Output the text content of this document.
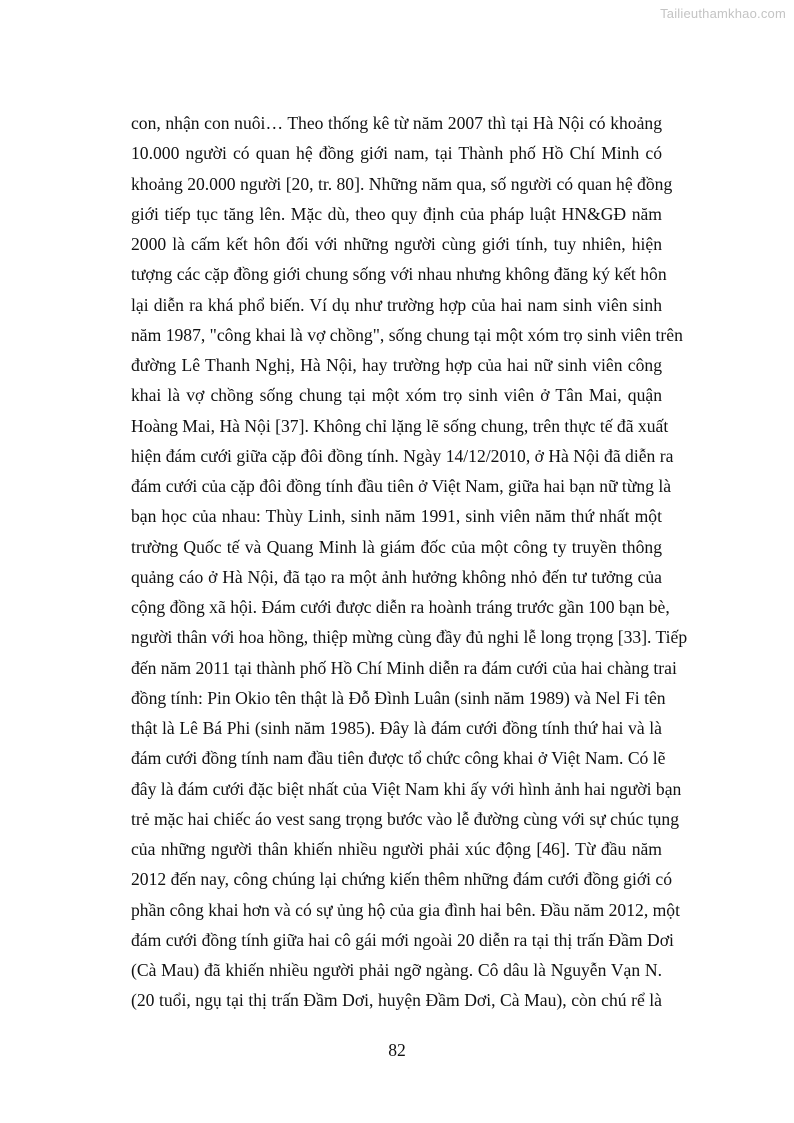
Tailieuthamkhao.com
con, nhận con nuôi… Theo thống kê từ năm 2007 thì tại Hà Nội có khoảng
10.000 người có quan hệ đồng giới nam, tại Thành phố Hồ Chí Minh có
khoảng 20.000 người [20, tr. 80]. Những năm qua, số người có quan hệ đồng
giới tiếp tục tăng lên. Mặc dù, theo quy định của pháp luật HN&GĐ năm
2000 là cấm kết hôn đối với những người cùng giới tính, tuy nhiên, hiện
tượng các cặp đồng giới chung sống với nhau nhưng không đăng ký kết hôn
lại diễn ra khá phổ biến. Ví dụ như trường hợp của hai nam sinh viên sinh
năm 1987, "công khai là vợ chồng", sống chung tại một xóm trọ sinh viên trên
đường Lê Thanh Nghị, Hà Nội, hay trường hợp của hai nữ sinh viên công
khai là vợ chồng sống chung tại một xóm trọ sinh viên ở Tân Mai, quận
Hoàng Mai, Hà Nội [37]. Không chỉ lặng lẽ sống chung, trên thực tế đã xuất
hiện đám cưới giữa cặp đôi đồng tính. Ngày 14/12/2010, ở Hà Nội đã diễn ra
đám cưới của cặp đôi đồng tính đầu tiên ở Việt Nam, giữa hai bạn nữ từng là
bạn học của nhau: Thùy Linh, sinh năm 1991, sinh viên năm thứ nhất một
trường Quốc tế và Quang Minh là giám đốc của một công ty truyền thông
quảng cáo ở Hà Nội, đã tạo ra một ảnh hưởng không nhỏ đến tư tưởng của
cộng đồng xã hội. Đám cưới được diễn ra hoành tráng trước gần 100 bạn bè,
người thân với hoa hồng, thiệp mừng cùng đầy đủ nghi lễ long trọng [33]. Tiếp
đến năm 2011 tại thành phố Hồ Chí Minh diễn ra đám cưới của hai chàng trai
đồng tính: Pin Okio tên thật là Đỗ Đình Luân (sinh năm 1989) và Nel Fi tên
thật là Lê Bá Phi (sinh năm 1985). Đây là đám cưới đồng tính thứ hai và là
đám cưới đồng tính nam đầu tiên được tổ chức công khai ở Việt Nam. Có lẽ
đây là đám cưới đặc biệt nhất của Việt Nam khi ấy với hình ảnh hai người bạn
trẻ mặc hai chiếc áo vest sang trọng bước vào lễ đường cùng với sự chúc tụng
của những người thân khiến nhiều người phải xúc động [46]. Từ đầu năm
2012 đến nay, công chúng lại chứng kiến thêm những đám cưới đồng giới có
phần công khai hơn và có sự ủng hộ của gia đình hai bên. Đầu năm 2012, một
đám cưới đồng tính giữa hai cô gái mới ngoài 20 diễn ra tại thị trấn Đầm Dơi
(Cà Mau) đã khiến nhiều người phải ngỡ ngàng. Cô dâu là Nguyễn Vạn N.
(20 tuổi, ngụ tại thị trấn Đầm Dơi, huyện Đầm Dơi, Cà Mau), còn chú rể là
82
